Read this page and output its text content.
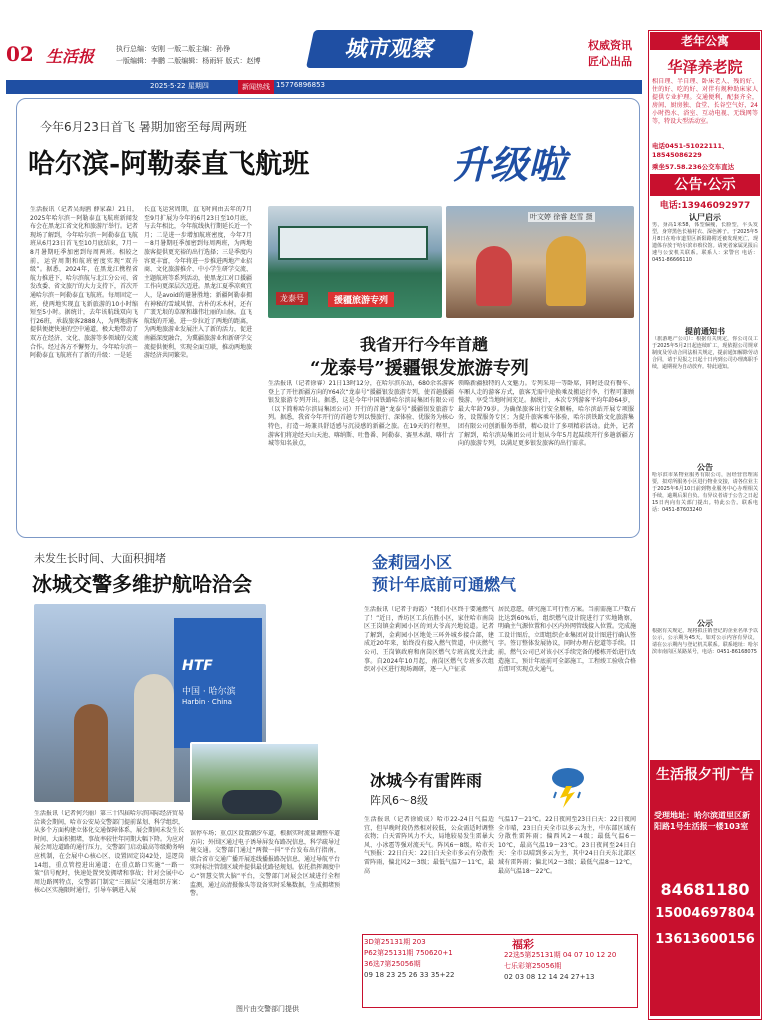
02 生活报	执行总编：安刚 一版二版主编：孙铮
一版编辑：李鹏 二版编辑：杨雨轩 版式：赵博	城市观察	权威资讯
匠心出品
2025·5·22 星期四	新闻热线 15776896853
今年6月23日首飞 暑期加密至每周两班
哈尔滨-阿勒泰直飞航班	升级啦
生活报讯（记者吴海鸥 薛家森）21日，2025年哈尔滨－阿勒泰直飞航班新闻发布会在黑龙江省文化和旅游厅举行。记者现场了解到，今年哈尔滨－阿勒泰直飞航班从6月23日首飞至10月底结束，7月－8月暑期旺季加密到每周两班。相较之前，运营周期和航班密度实现“双升级”。据悉，2024年，在黑龙江携程省航力推进下，哈尔滨航与北江分公司、省发改委、省文旅厅的大力支持下，首次开通哈尔滨－阿勒泰直飞航班。每周固定一班，使两地实现直飞新旅游的10小时缩短至5小时。据统计，去年该航线双向飞行26班，承载旅客2888人，为两地游客提供便捷快速的空中通道，极大地带动了双方在经济、文化、旅游等多领域的交流合作。经过各方不懈努力，今年哈尔滨－阿勒泰直飞航班有了新的升级：一是延
长直飞运营周期，直飞时间由去年的7月至9月扩展为今年的6月23日至10月底，与去年相比，今年航线执行期延长近一个月；二是进一步增加航班密度，今年7月－8月暑期旺季加密到每周两班，为两地旅客提供更充裕的出行选择；三是季度内容更丰富，今年将进一步推进两地产业招商、文化旅游推介、中小学生研学交流、主题航班等系列活动，使黑龙江对口援疆工作向更深层次迈进。黑龙江夏季凉爽宜人，是avoid的避暑胜地；新疆阿勒泰拥有神秘的雪域风情、古朴的禾木村，还有广袤无垠的草原和雄伟壮丽的山脉。直飞航线的开通，进一步拉近了两地的距离，为两地旅游业发展注入了新的活力，促进南疆深度融合，为冀疆旅游业和新研学交流提供便利，实现全面互联，推动两地旅游经济共同繁荣。
龙泰号	援疆旅游专列
叶文婷 徐睿 赵雪 摄
我省开行今年首趟
“龙泰号”援疆银发旅游专列
生活报讯（记者徐睿）21日13时12分，在哈尔滨东站，680余名游客登上了开往新疆方向的Y64次“龙泰号”援疆银发旅游专列，使首趟援疆银发旅游专列开出。据悉，这是今年中国铁路哈尔滨局集团有限公司（以下简称哈尔滨局集团公司）开行的首趟“龙泰号”援疆银发旅游专列。据悉，我省今年开行的首趟专列以慢旅行、深体验、优服务为核心特色，打造一场兼具舒适感与沉浸感的新疆之旅。在19天的行程里，游客们将途经天山天池、喀纳斯、吐鲁番、阿勒泰、赛里木湖、喀什古城等知名景点，
领略新疆独特的人文魅力。专列采用一等卧席，同时还设有餐车、车厢人走的游客方式，旅客无需中途换乘及搬运行李，行程可兼顾慢游、享受当地时间充足。据统计，本次专列游客平均年龄64岁，最大年龄79岁。为确保旅客出行安全顺畅，哈尔滨站开展专项服务，设置服务专区；为提升旅客乘车体验，哈尔滨铁路文化旅游集团有限公司创新服务举措，精心设计了多项精彩活动。此外，记者了解到，哈尔滨局集团公司计划从今年5月起陆续开行多趟新疆方向的旅游专列，以满足更多银发旅客的出行需求。
未发生长时间、大面积拥堵
冰城交警多维护航哈洽会
HTF
中国 · 哈尔滨
Harbin · China
生活报讯（记者何兴丽）第三十四届哈尔滨国际经济贸易洽谈会期间，哈市公安局交警部门提前谋划、科学组织，从多个方面构建立体化交通保障体系，展会期间未发生长时间、大面积拥堵，事故率较往年同期大幅下降。为应对展会周边道路的通行压力，交警部门启动最高等级勤务响应机制，在会展中心核心区、设置固定岗42处，巡逻岗14组，重点管控进出通道；在重点路口实施“一路一策”信号配时，快速处置突发拥堵和事故；针对会展中心周边路网特点，交警部门制定“三圈层”交通组织方案：核心区实施限时通行，引导车辆进入展
馆停车场；重点区设置潮汐车道，根据实时流量调整车道方向；外围区通过电子诱导屏发布路况信息，科学疏导过境交通。交警部门通过“两微一抖”平台发布出行指南，联合省市交通广播开展连线播报路况信息，通过导航平台实时标注管制区域并提供最优路径规划。依托指挥调度中心“智慧交管大脑”平台，交警部门对展会区域进行全程监测，通过高清摄像头等设备实时采集数据，生成拥堵预警。
图片由交警部门提供
金莉园小区
预计年底前可通燃气
生活报讯（记者于海霞）“我们小区终于要通燃气了！”近日，香坊区工兵伍胜小区，家住哈市南岗区王岗镇金莉园小区的刘大爷高兴地说道。记者了解到，金莉园小区地处三环外城乡接合部，建成近20年来，始终没有接入燃气管道，中庆燃气公司、王岗镇政府和南岗区燃气专班高度关注此事。自2024年10月起，南岗区燃气专班多次组织对小区进行现场调研，逐一入户征求
居民意愿，研究施工可行性方案。当前需施工户数占比达到60%后，组织燃气设计院进行了实地勘察，明确主气源位置和小区内外网管线接入位置。完成施工设计图后，立即组织企业集团对设计图进行确认签字。签订整体发展协议，同时办理占挖道等手续。目前，燃气公司已对该小区手续完备的楼栋开始进行改造施工，预计年底前可全部施工，工程竣工验收合格后即可实现点火通气。
冰城今有雷阵雨
阵风6～8级
生活报讯（记者徐殿成）哈市22-24日气温适宜，但早晚时段仍然相对较低，公众需适时调整衣物；白天雷阵风力不大，局地较易发生雷暴大风、小冰雹等强对流天气。阵风6～8级。哈市天气预报：22日白天：22日白天全市多云有分散性雷阵雨，偏北风2～3级；最低气温7～11℃，最高
气温17～21℃。22日夜间至23日白天：22日夜间全市晴，23日白天全市以多云为主，中东部区域有分散性雷阵雨；偏西风2～4级；最低气温6～10℃，最高气温19～23℃。23日夜间至24日白天：全市以晴到多云为主，其中24日白天东北部区域有雷阵雨；偏北风2～3级；最低气温8～12℃，最高气温18～22℃。
3D第25131期 203
P62第25131期 750620+1
36选7第25056期
09 18 23 25 26 33 35+22
福彩
22选5第25131期 04 07 10 12 20
七乐彩第25056期
02 03 08 12 14 24 27+13
老年公寓
华泽养老院
相自理、半自理、卧床老人、残的好、住的好、吃的好、对伴有规种助床家人提供专业护理。交通便利，配套齐全，房间、厨房独、食堂、长谷空气好，24小时热水、浴室、互动电视、无线网等等，特设大型活动室。
电话0451-51022111、18545086229
乘坐57.58.236公交车直达
公告·公示
电话:13946092977
认尸启示
男，身高1米58，体型偏瘦，长脸型，平头发型，身穿黑色长袖衬衣、深色裤子。于2025年5月8日在哈市道里区新阳路附近被发现死亡，现遗体存放于哈尔滨市殡仪馆。请死者家属见报后速与公安机关联系。联系人：宋警官 电话：0451-86666110
提前通知书
（旅游地产公司）：根据有关规定，你公司员工于2025年5月2日起连续旷工，现依据公司规章制度及劳动合同法相关规定，提前通知解除劳动合同，请于见报之日起十日内到公司办理离职手续，逾期视为自动放弃。特此通知。
公告
哈尔滨市某物业服务有限公司，因经营管理需要，拟对所服务小区进行物业交接，请各位业主于2025年6月10日前到物业服务中心办理相关手续，逾期后果自负。有异议者请于公告之日起15日内向有关部门提出。特此公告。联系电话：0451-87603240
公示
根据有关规定，现将拟注销登记的企业名单予以公示，公示期为45天。如对公示内容有异议，请在公示期内与登记机关联系。联系地址：哈尔滨市南岗区某路某号，电话：0451-86168075
生活报夕刊广告
受理地址：哈尔滨道里区新阳路1号生活报一楼103室
84681180
15004697804
13613600156
